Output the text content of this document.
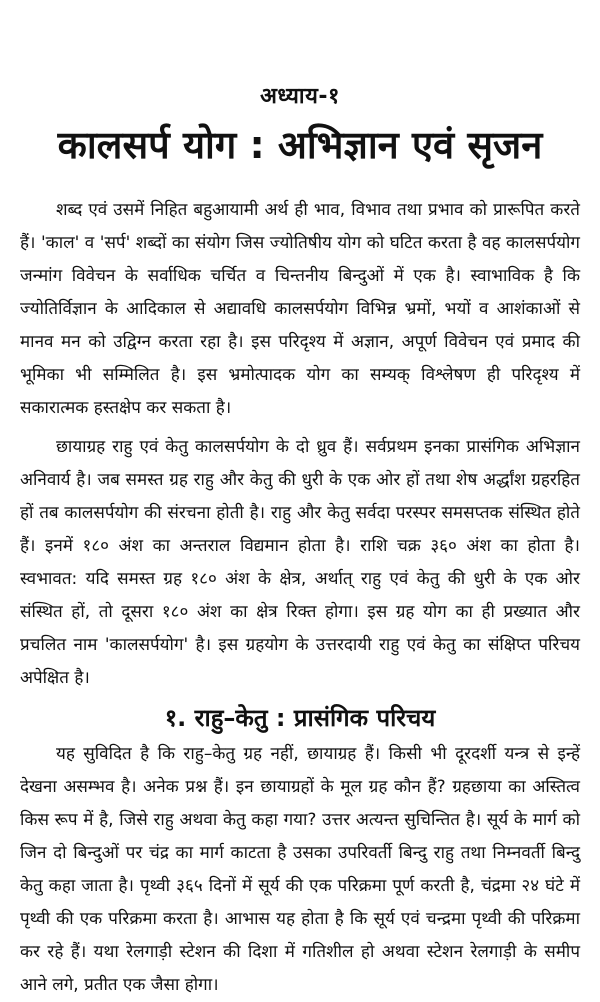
अध्याय-१
कालसर्प योग : अभिज्ञान एवं सृजन

शब्द एवं उसमें निहित बहुआयामी अर्थ ही भाव, विभाव तथा प्रभाव को प्रारूपित करते हैं। 'काल' व 'सर्प' शब्दों का संयोग जिस ज्योतिषीय योग को घटित करता है वह कालसर्पयोग जन्मांग विवेचन के सर्वाधिक चर्चित व चिन्तनीय बिन्दुओं में एक है। स्वाभाविक है कि ज्योतिर्विज्ञान के आदिकाल से अद्यावधि कालसर्पयोग विभिन्न भ्रमों, भयों व आशंकाओं से मानव मन को उद्विग्न करता रहा है। इस परिदृश्य में अज्ञान, अपूर्ण विवेचन एवं प्रमाद की भूमिका भी सम्मिलित है। इस भ्रमोत्पादक योग का सम्यक् विश्लेषण ही परिदृश्य में सकारात्मक हस्तक्षेप कर सकता है।

छायाग्रह राहु एवं केतु कालसर्पयोग के दो ध्रुव हैं। सर्वप्रथम इनका प्रासंगिक अभिज्ञान अनिवार्य है। जब समस्त ग्रह राहु और केतु की धुरी के एक ओर हों तथा शेष अर्द्धांश ग्रहरहित हों तब कालसर्पयोग की संरचना होती है। राहु और केतु सर्वदा परस्पर समसप्तक संस्थित होते हैं। इनमें १८० अंश का अन्तराल विद्यमान होता है। राशि चक्र ३६० अंश का होता है। स्वभावत: यदि समस्त ग्रह १८० अंश के क्षेत्र, अर्थात् राहु एवं केतु की धुरी के एक ओर संस्थित हों, तो दूसरा १८० अंश का क्षेत्र रिक्त होगा। इस ग्रह योग का ही प्रख्यात और प्रचलित नाम 'कालसर्पयोग' है। इस ग्रहयोग के उत्तरदायी राहु एवं केतु का संक्षिप्त परिचय अपेक्षित है।

१. राहु–केतु : प्रासंगिक परिचय

यह सुविदित है कि राहु–केतु ग्रह नहीं, छायाग्रह हैं। किसी भी दूरदर्शी यन्त्र से इन्हें देखना असम्भव है। अनेक प्रश्न हैं। इन छायाग्रहों के मूल ग्रह कौन हैं? ग्रहछाया का अस्तित्व किस रूप में है, जिसे राहु अथवा केतु कहा गया? उत्तर अत्यन्त सुचिन्तित है। सूर्य के मार्ग को जिन दो बिन्दुओं पर चंद्र का मार्ग काटता है उसका उपरिवर्ती बिन्दु राहु तथा निम्नवर्ती बिन्दु केतु कहा जाता है। पृथ्वी ३६५ दिनों में सूर्य की एक परिक्रमा पूर्ण करती है, चंद्रमा २४ घंटे में पृथ्वी की एक परिक्रमा करता है। आभास यह होता है कि सूर्य एवं चन्द्रमा पृथ्वी की परिक्रमा कर रहे हैं। यथा रेलगाड़ी स्टेशन की दिशा में गतिशील हो अथवा स्टेशन रेलगाड़ी के समीप आने लगे, प्रतीत एक जैसा होगा।
